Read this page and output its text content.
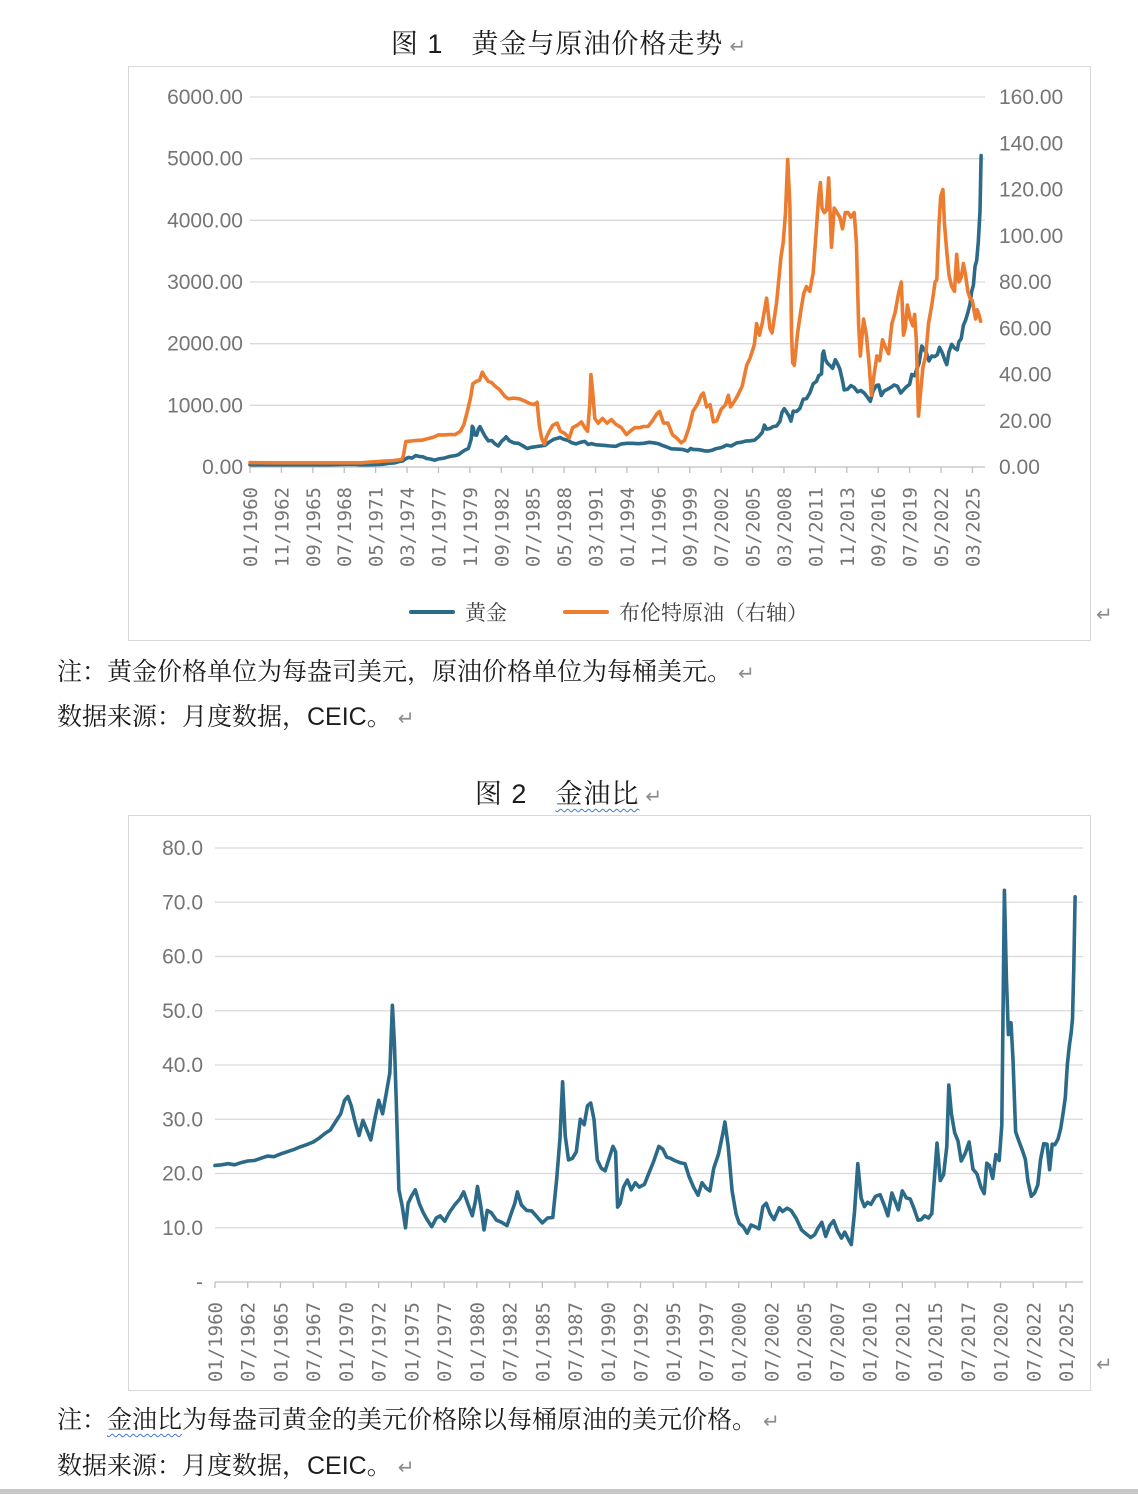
图 1　黄金与原油价格走势 ↵
0.00
1000.00
2000.00
3000.00
4000.00
5000.00
6000.00
0.00
20.00
40.00
60.00
80.00
100.00
120.00
140.00
160.00
01/1960 11/1962 09/1965 07/1968 05/1971 03/1974 01/1977 11/1979 09/1982 07/1985 05/1988 03/1991 01/1994 11/1996 09/1999 07/2002 05/2005 03/2008 01/2011 11/2013 09/2016 07/2019 05/2022 03/2025
黄金	布伦特原油（右轴）	↵
注：黄金价格单位为每盎司美元，原油价格单位为每桶美元。 ↵
数据来源：月度数据，CEIC。 ↵
图 2　金油比 ↵
-
10.0
20.0
30.0
40.0
50.0
60.0
70.0
80.0
01/1960 07/1962 01/1965 07/1967 01/1970 07/1972 01/1975 07/1977 01/1980 07/1982 01/1985 07/1987 01/1990 07/1992 01/1995 07/1997 01/2000 07/2002 01/2005 07/2007 01/2010 07/2012 01/2015 07/2017 01/2020 07/2022 01/2025 ↵
注：金油比为每盎司黄金的美元价格除以每桶原油的美元价格。 ↵
数据来源：月度数据，CEIC。 ↵
